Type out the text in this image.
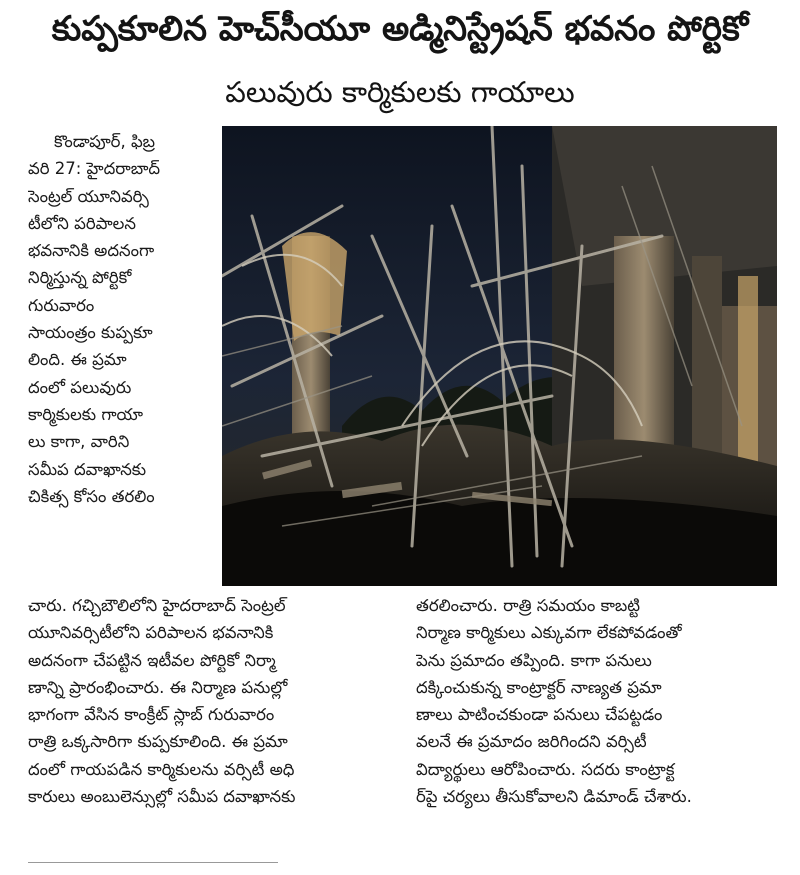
కుప్పకూలిన హెచ్‌సీయూ అడ్మినిస్ట్రేషన్ భవనం పోర్టికో
పలువురు కార్మికులకు గాయాలు
కొండాపూర్, ఫిబ్ర
వరి 27: హైదరాబాద్
సెంట్రల్ యూనివర్సి
టీలోని పరిపాలన
భవనానికి అదనంగా
నిర్మిస్తున్న పోర్టికో
గురువారం
సాయంత్రం కుప్పకూ
లింది. ఈ ప్రమా
దంలో పలువురు
కార్మికులకు గాయా
లు కాగా, వారిని
సమీప దవాఖానకు
చికిత్స కోసం తరలిం
చారు. గచ్చిబౌలిలోని హైదరాబాద్ సెంట్రల్
యూనివర్సిటీలోని పరిపాలన భవనానికి
అదనంగా చేపట్టిన ఇటీవల పోర్టికో నిర్మా
ణాన్ని ప్రారంభించారు. ఈ నిర్మాణ పనుల్లో
భాగంగా వేసిన కాంక్రీట్ స్లాబ్ గురువారం
రాత్రి ఒక్కసారిగా కుప్పకూలింది. ఈ ప్రమా
దంలో గాయపడిన కార్మికులను వర్సిటీ అధి
కారులు అంబులెన్సుల్లో సమీప దవాఖానకు
తరలించారు. రాత్రి సమయం కాబట్టి
నిర్మాణ కార్మికులు ఎక్కువగా లేకపోవడంతో
పెను ప్రమాదం తప్పింది. కాగా పనులు
దక్కించుకున్న కాంట్రాక్టర్ నాణ్యత ప్రమా
ణాలు పాటించకుండా పనులు చేపట్టడం
వలనే ఈ ప్రమాదం జరిగిందని వర్సిటీ
విద్యార్థులు ఆరోపించారు. సదరు కాంట్రాక్ట
ర్‌పై చర్యలు తీసుకోవాలని డిమాండ్ చేశారు.
